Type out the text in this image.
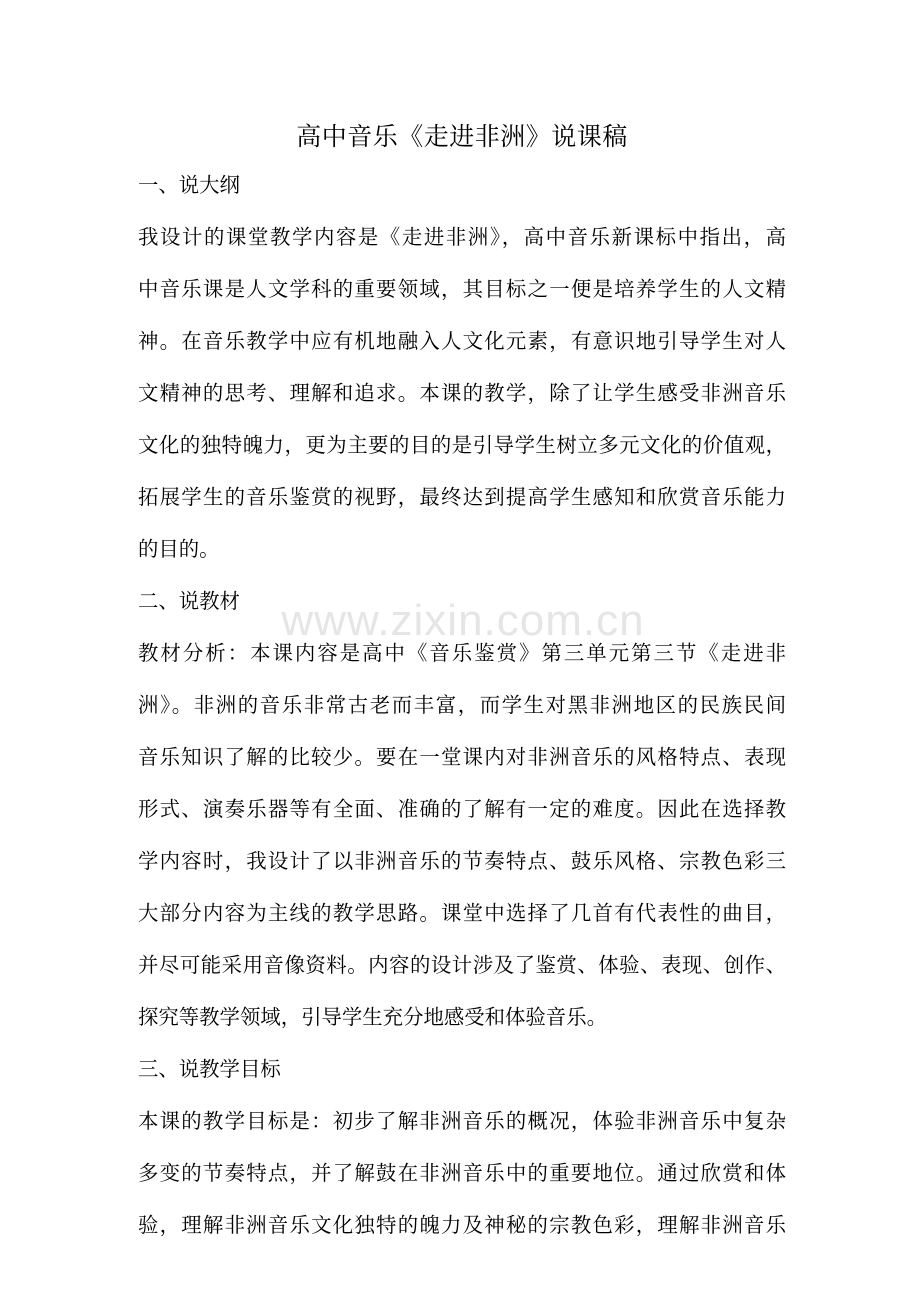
高中音乐《走进非洲》说课稿

一、说大纲

我设计的课堂教学内容是《走进非洲》，高中音乐新课标中指出，高

中音乐课是人文学科的重要领域，其目标之一便是培养学生的人文精

神。在音乐教学中应有机地融入人文化元素，有意识地引导学生对人

文精神的思考、理解和追求。本课的教学，除了让学生感受非洲音乐

文化的独特魄力，更为主要的目的是引导学生树立多元文化的价值观，

拓展学生的音乐鉴赏的视野，最终达到提高学生感知和欣赏音乐能力

的目的。

二、说教材

教材分析：本课内容是高中《音乐鉴赏》第三单元第三节《走进非

洲》。非洲的音乐非常古老而丰富，而学生对黑非洲地区的民族民间

音乐知识了解的比较少。要在一堂课内对非洲音乐的风格特点、表现

形式、演奏乐器等有全面、准确的了解有一定的难度。因此在选择教

学内容时，我设计了以非洲音乐的节奏特点、鼓乐风格、宗教色彩三

大部分内容为主线的教学思路。课堂中选择了几首有代表性的曲目，

并尽可能采用音像资料。内容的设计涉及了鉴赏、体验、表现、创作、

探究等教学领域，引导学生充分地感受和体验音乐。

三、说教学目标

本课的教学目标是：初步了解非洲音乐的概况，体验非洲音乐中复杂

多变的节奏特点，并了解鼓在非洲音乐中的重要地位。通过欣赏和体

验，理解非洲音乐文化独特的魄力及神秘的宗教色彩，理解非洲音乐

www.zixin.com.cn
